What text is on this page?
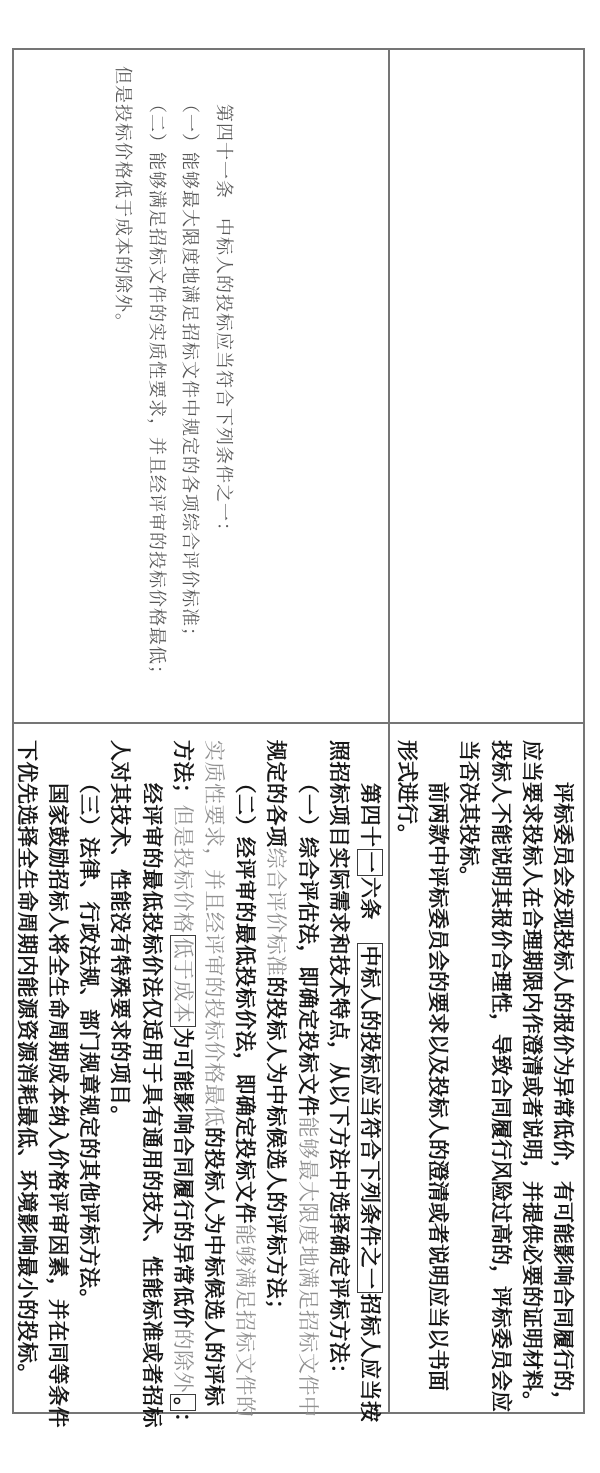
　　评标委员会发现投标人的报价为异常低价，有可能影响合同履行的，
应当要求投标人在合理期限内作澄清或者说明，并提供必要的证明材料。
投标人不能说明其报价合理性，导致合同履行风险过高的，评标委员会应
当否决其投标。
　　前两款中评标委员会的要求以及投标人的澄清或者说明应当以书面
形式进行。
　　第四十一条　中标人的投标应当符合下列条件之一：
　　（一）能够最大限度地满足招标文件中规定的各项综合评价标准；
　　（二）能够满足招标文件的实质性要求，并且经评审的投标价格最低；
但是投标价格低于成本的除外。
　　第四十一六条　中标人的投标应当符合下列条件之一招标人应当按
照招标项目实际需求和技术特点，从以下方法中选择确定评标方法：
　　（一）综合评估法，即确定投标文件能够最大限度地满足招标文件中
规定的各项综合评价标准的投标人为中标候选人的评标方法；
　　（二）经评审的最低投标价法，即确定投标文件能够满足招标文件的
实质性要求，并且经评审的投标价格最低的投标人为中标候选人的评标
方法；但是投标价格低于成本为可能影响合同履行的异常低价的除外。：
　　经评审的最低投标价法仅适用于具有通用的技术、性能标准或者招标
人对其技术、性能没有特殊要求的项目。
　　（三）法律、行政法规、部门规章规定的其他评标方法。
　　国家鼓励招标人将全生命周期成本纳入价格评审因素，并在同等条件
下优先选择全生命周期内能源资源消耗最低、环境影响最小的投标。
